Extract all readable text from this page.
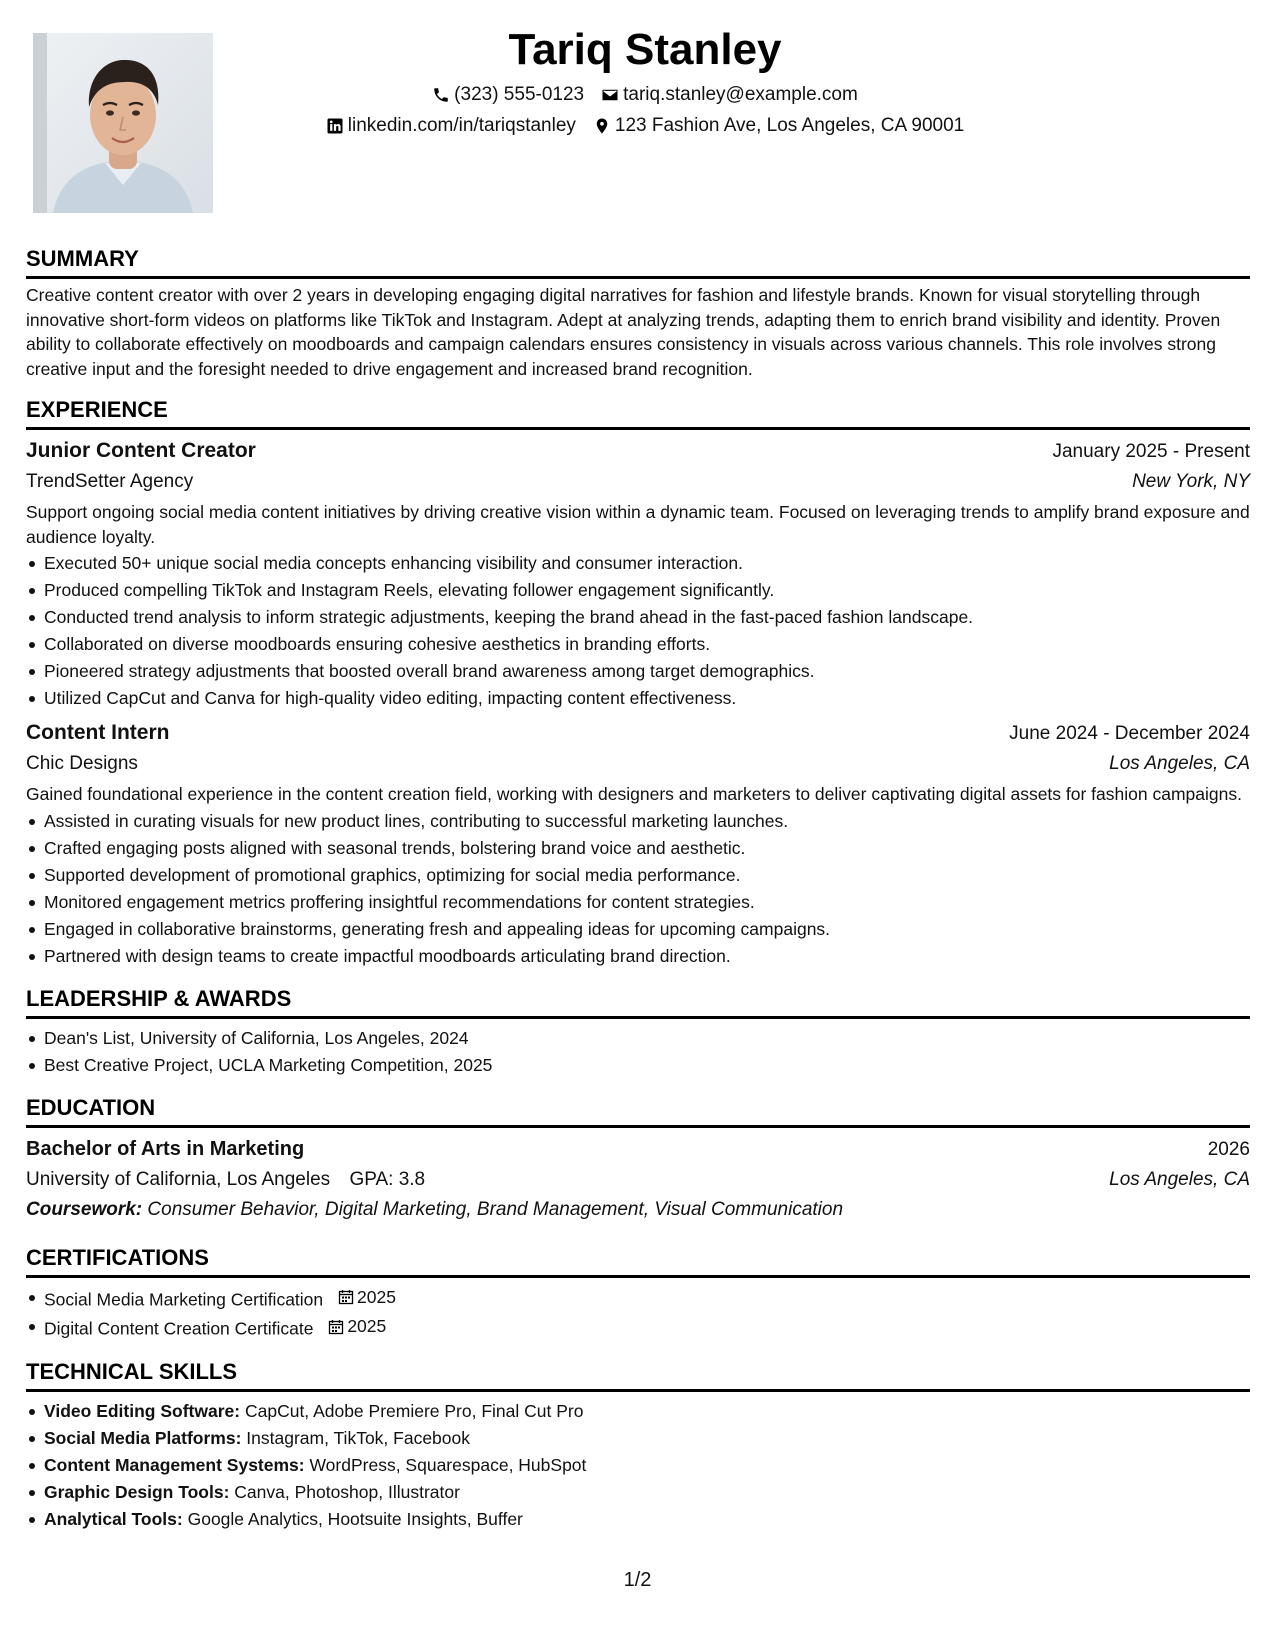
Tariq Stanley
(323) 555-0123 tariq.stanley@example.com
linkedin.com/in/tariqstanley 123 Fashion Ave, Los Angeles, CA 90001
SUMMARY
Creative content creator with over 2 years in developing engaging digital narratives for fashion and lifestyle brands. Known for visual storytelling through innovative short-form videos on platforms like TikTok and Instagram. Adept at analyzing trends, adapting them to enrich brand visibility and identity. Proven ability to collaborate effectively on moodboards and campaign calendars ensures consistency in visuals across various channels. This role involves strong creative input and the foresight needed to drive engagement and increased brand recognition.
EXPERIENCE
Junior Content Creator	January 2025 - Present
TrendSetter Agency	New York, NY
Support ongoing social media content initiatives by driving creative vision within a dynamic team. Focused on leveraging trends to amplify brand exposure and audience loyalty.
Executed 50+ unique social media concepts enhancing visibility and consumer interaction.
Produced compelling TikTok and Instagram Reels, elevating follower engagement significantly.
Conducted trend analysis to inform strategic adjustments, keeping the brand ahead in the fast-paced fashion landscape.
Collaborated on diverse moodboards ensuring cohesive aesthetics in branding efforts.
Pioneered strategy adjustments that boosted overall brand awareness among target demographics.
Utilized CapCut and Canva for high-quality video editing, impacting content effectiveness.
Content Intern	June 2024 - December 2024
Chic Designs	Los Angeles, CA
Gained foundational experience in the content creation field, working with designers and marketers to deliver captivating digital assets for fashion campaigns.
Assisted in curating visuals for new product lines, contributing to successful marketing launches.
Crafted engaging posts aligned with seasonal trends, bolstering brand voice and aesthetic.
Supported development of promotional graphics, optimizing for social media performance.
Monitored engagement metrics proffering insightful recommendations for content strategies.
Engaged in collaborative brainstorms, generating fresh and appealing ideas for upcoming campaigns.
Partnered with design teams to create impactful moodboards articulating brand direction.
LEADERSHIP & AWARDS
Dean's List, University of California, Los Angeles, 2024
Best Creative Project, UCLA Marketing Competition, 2025
EDUCATION
Bachelor of Arts in Marketing	2026
University of California, Los Angeles GPA: 3.8	Los Angeles, CA
Coursework: Consumer Behavior, Digital Marketing, Brand Management, Visual Communication
CERTIFICATIONS
Social Media Marketing Certification 2025
Digital Content Creation Certificate 2025
TECHNICAL SKILLS
Video Editing Software: CapCut, Adobe Premiere Pro, Final Cut Pro
Social Media Platforms: Instagram, TikTok, Facebook
Content Management Systems: WordPress, Squarespace, HubSpot
Graphic Design Tools: Canva, Photoshop, Illustrator
Analytical Tools: Google Analytics, Hootsuite Insights, Buffer
1/2
